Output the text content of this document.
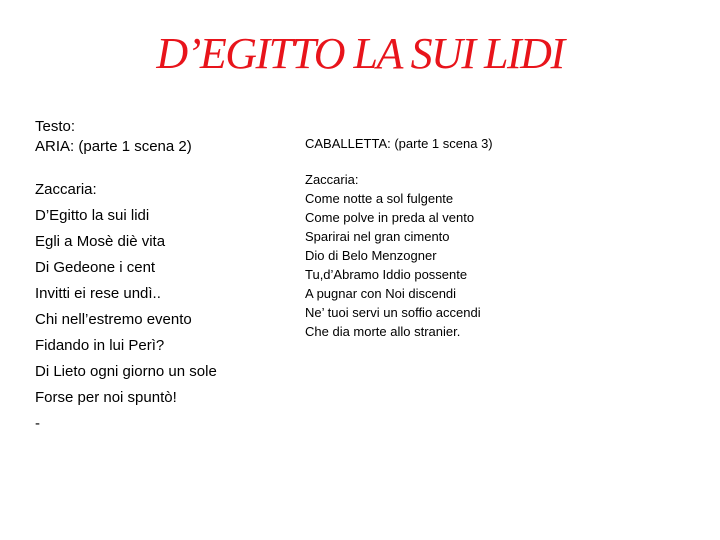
D’EGITTO LA SUI LIDI
Testo:
ARIA: (parte 1 scena 2)
Zaccaria:
D’Egitto la sui lidi
Egli a Mosè diè vita
Di Gedeone i cent
Invitti ei rese undì..
Chi nell’estremo evento
Fidando in lui Perì?
Di Lieto ogni giorno un sole
Forse per noi spuntò!
-
CABALLETTA: (parte 1 scena 3)
Zaccaria:
Come notte a sol fulgente
Come polve in preda al vento
Sparirai nel gran cimento
Dio di Belo Menzogner
Tu,d’Abramo Iddio possente
A pugnar con Noi discendi
Ne’ tuoi servi un soffio accendi
Che dia morte allo stranier.
